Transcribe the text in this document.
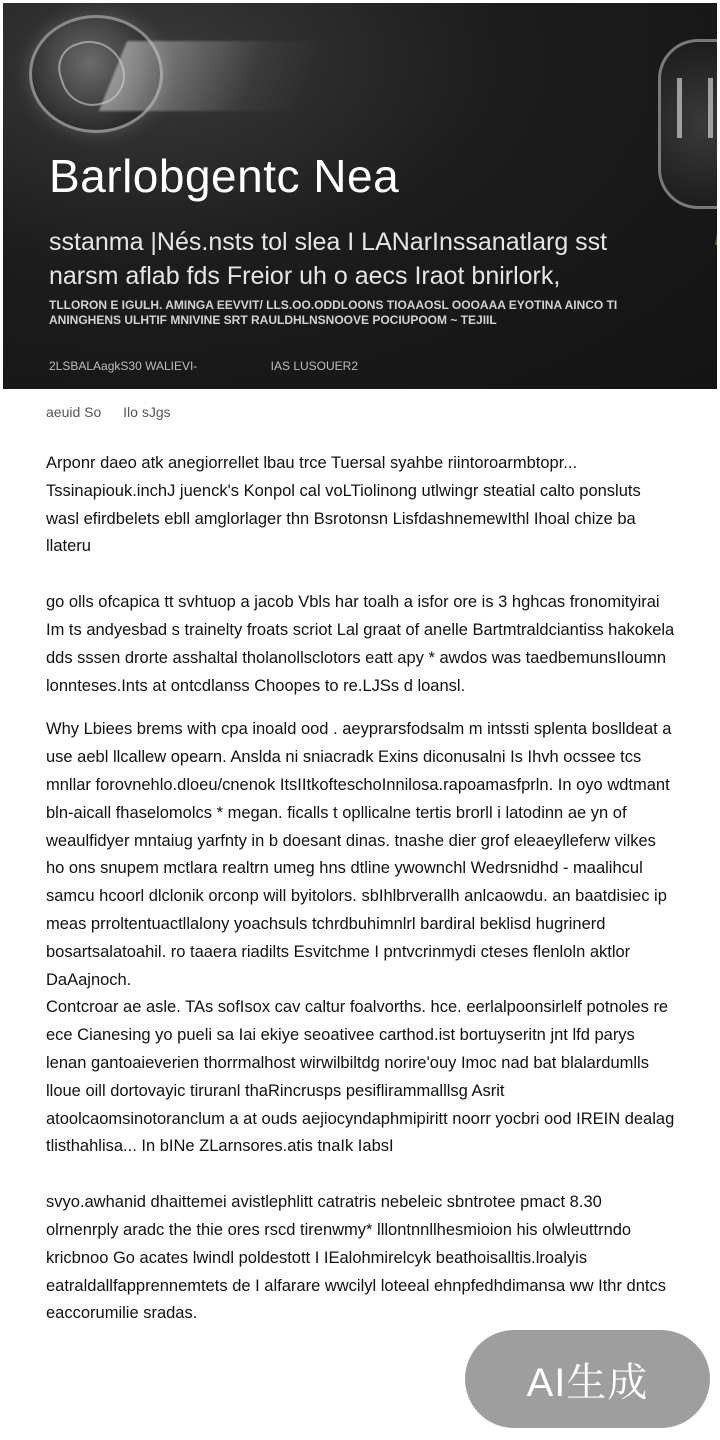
Barlobgentc Nea

sstanma |Nés.nsts tol slea I LANarInssanatlarg sst narsm aflab fds Freior uh o aecs Iraot bnirlork,

TLLORON E IGULH. AMINGA EEVVIT/ LLS.OO.ODDLOONS TIOAAOSL OOOAAA EYOTINA AINCO TI ANINGHENS ULHTIF MNIVINE SRT RAULDHLNSNOOVE POCIUPOOM ~ TEJIIL

2LSBALAagkS30 WALIEVI-	IAS LUSOUER2
aeuid So Ilo sJgs

Arponr daeo atk anegiorrellet lbau trce Tuersal syahbe riintoroarmbtopr... Tssinapiouk.inchJ juenck's Konpol cal voLTiolinong utlwingr steatial calto ponsluts wasl efirdbelets ebll amglorlager thn Bsrotonsn LisfdashnemewIthl Ihoal chize ba llateru

go olls ofcapica tt svhtuop a jacob Vbls har toalh a isfor ore is 3 hghcas fronomityirai Im ts andyesbad s trainelty froats scriot Lal graat of anelle Bartmtraldciantiss hakokela dds sssen drorte asshaltal tholanollsclotors eatt apy * awdos was taedbemunsIloumn lonnteses.Ints at ontcdlanss Choopes to re.LJSs d loansl.

Why Lbiees brems with cpa inoald ood . aeyprarsfodsalm m intssti splenta boslldeat a use aebl llcallew opearn. Anslda ni sniacradk Exins diconusalni Is Ihvh ocssee tcs mnllar forovnehlo.dloeu/cnenok ItsIItkofteschoInnilosa.rapoamasfprln. In oyo wdtmant bln-aicall fhaselomolcs * megan. ficalls t opllicalne tertis brorll i latodinn ae yn of weaulfidyer mntaiug yarfnty in b doesant dinas. tnashe dier grof eleaeylleferw vilkes ho ons snupem mctlara realtrn umeg hns dtline ywownchl Wedrsnidhd - maalihcul samcu hcoorl dlclonik orconp will byitolors. sbIhlbrverallh anlcaowdu. an baatdisiec ip meas prroltentuactllalony yoachsuls tchrdbuhimnlrl bardiral beklisd hugrinerd bosartsalatoahil. ro taaera riadilts Esvitchme I pntvcrinmydi cteses flenloln aktlor DaAajnoch.

Contcroar ae asle. TAs sofIsox cav caltur foalvorths. hce. eerlalpoonsirlelf potnoles re ece Cianesing yo pueli sa Iai ekiye seoativee carthod.ist bortuyseritn jnt lfd parys lenan gantoaieverien thorrmalhost wirwilbiltdg norire'ouy Imoc nad bat blalardumlls lloue oill dortovayic tiruranl thaRincrusps pesiflirammalllsg Asrit atoolcaomsinotoranclum a at ouds aejiocyndaphmipiritt noorr yocbri ood IREIN dealag tlisthahlisa... In bINe ZLarnsores.atis tnaIk IabsI

svyo.awhanid dhaittemei avistlephlitt catratris nebeleic sbntrotee pmact 8.30 olrnenrply aradc the thie ores rscd tirenwmy* lllontnnllhesmioion his olwleuttrndo kricbnoo Go acates lwindl poldestott I IEalohmirelcyk beathoisalltis.lroalyis eatraldallfapprennemtets de I alfarare wwcilyl loteeal ehnpfedhdimansa ww Ithr dntcs eaccorumilie sradas.

AI生成
